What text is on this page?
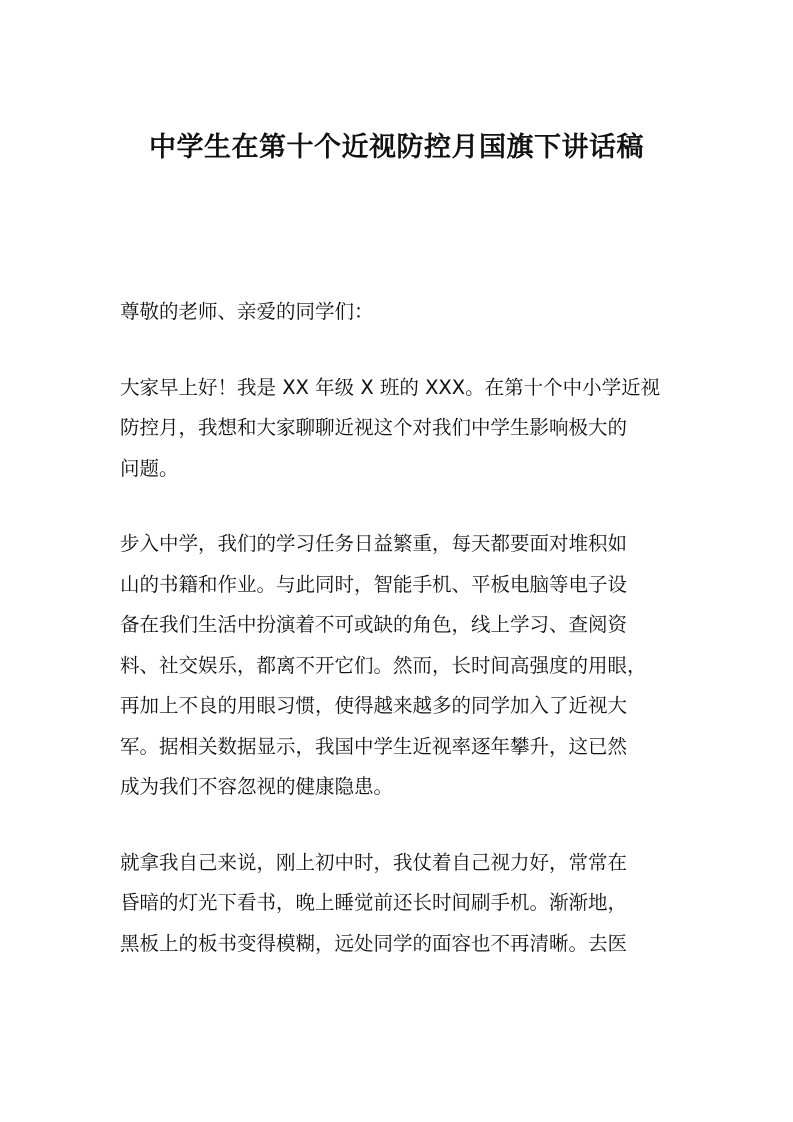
中学生在第十个近视防控月国旗下讲话稿

尊敬的老师、亲爱的同学们：

大家早上好！我是 XX 年级 X 班的 XXX。在第十个中小学近视
防控月，我想和大家聊聊近视这个对我们中学生影响极大的
问题。

步入中学，我们的学习任务日益繁重，每天都要面对堆积如
山的书籍和作业。与此同时，智能手机、平板电脑等电子设
备在我们生活中扮演着不可或缺的角色，线上学习、查阅资
料、社交娱乐，都离不开它们。然而，长时间高强度的用眼，
再加上不良的用眼习惯，使得越来越多的同学加入了近视大
军。据相关数据显示，我国中学生近视率逐年攀升，这已然
成为我们不容忽视的健康隐患。

就拿我自己来说，刚上初中时，我仗着自己视力好，常常在
昏暗的灯光下看书，晚上睡觉前还长时间刷手机。渐渐地，
黑板上的板书变得模糊，远处同学的面容也不再清晰。去医
